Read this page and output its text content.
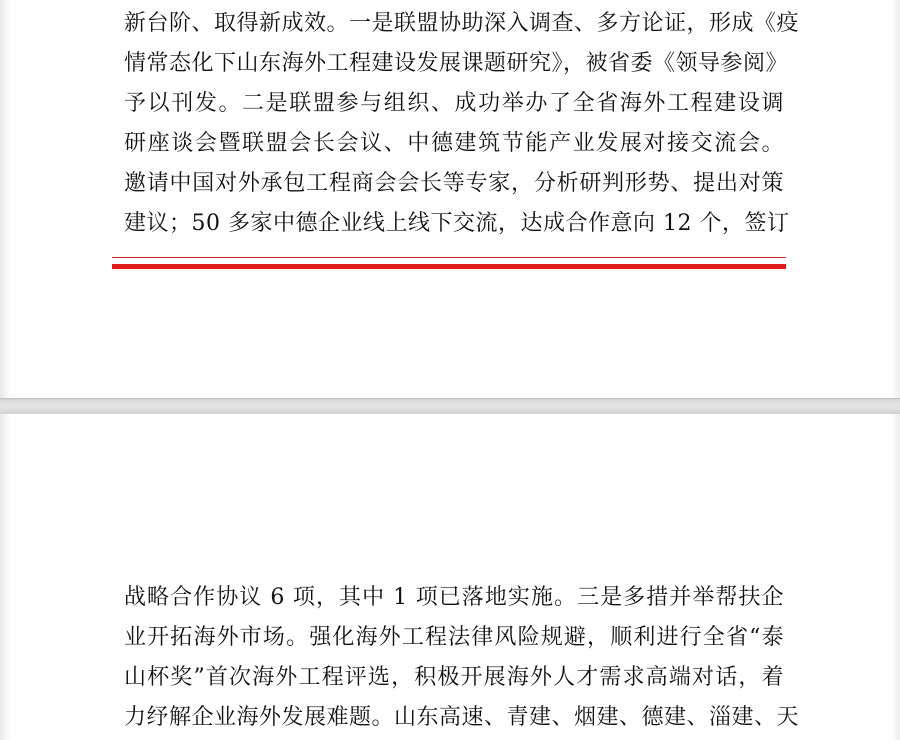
新台阶、取得新成效。一是联盟协助深入调查、多方论证，形成《疫
情常态化下山东海外工程建设发展课题研究》，被省委《领导参阅》
予以刊发。二是联盟参与组织、成功举办了全省海外工程建设调
研座谈会暨联盟会长会议、中德建筑节能产业发展对接交流会。
邀请中国对外承包工程商会会长等专家，分析研判形势、提出对策
建议；50 多家中德企业线上线下交流，达成合作意向 12 个，签订
战略合作协议 6 项，其中 1 项已落地实施。三是多措并举帮扶企
业开拓海外市场。强化海外工程法律风险规避，顺利进行全省“泰
山杯奖”首次海外工程评选，积极开展海外人才需求高端对话，着
力纾解企业海外发展难题。山东高速、青建、烟建、德建、淄建、天
